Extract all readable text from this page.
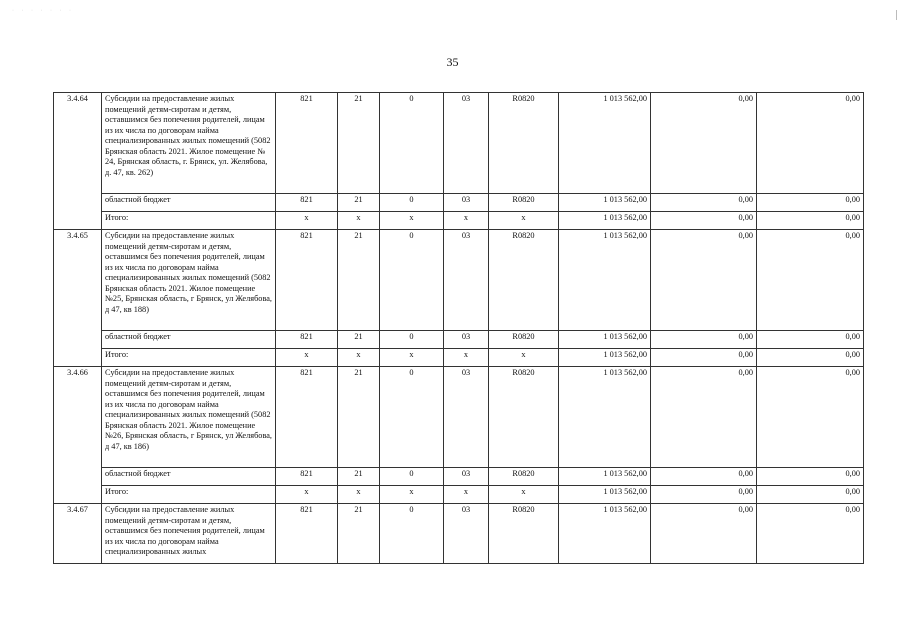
· · · · · · ·
35
3.4.64	Субсидии на предоставление жилых помещений детям-сиротам и детям, оставшимся без попечения родителей, лицам из их числа по договорам найма специализированных жилых помещений (5082 Брянская область 2021. Жилое помещение № 24, Брянская область, г. Брянск, ул. Желябова, д. 47, кв. 262)	821	21	0	03	R0820	1 013 562,00	0,00	0,00
	областной бюджет	821	21	0	03	R0820	1 013 562,00	0,00	0,00
	Итого:	x	x	x	x	x	1 013 562,00	0,00	0,00
3.4.65	Субсидии на предоставление жилых помещений детям-сиротам и детям, оставшимся без попечения родителей, лицам из их числа по договорам найма специализированных жилых помещений (5082 Брянская область 2021. Жилое помещение №25, Брянская область, г Брянск, ул Желябова, д 47, кв 188)	821	21	0	03	R0820	1 013 562,00	0,00	0,00
	областной бюджет	821	21	0	03	R0820	1 013 562,00	0,00	0,00
	Итого:	x	x	x	x	x	1 013 562,00	0,00	0,00
3.4.66	Субсидии на предоставление жилых помещений детям-сиротам и детям, оставшимся без попечения родителей, лицам из их числа по договорам найма специализированных жилых помещений (5082 Брянская область 2021. Жилое помещение №26, Брянская область, г Брянск, ул Желябова, д 47, кв 186)	821	21	0	03	R0820	1 013 562,00	0,00	0,00
	областной бюджет	821	21	0	03	R0820	1 013 562,00	0,00	0,00
	Итого:	x	x	x	x	x	1 013 562,00	0,00	0,00
3.4.67	Субсидии на предоставление жилых помещений детям-сиротам и детям, оставшимся без попечения родителей, лицам из их числа по договорам найма специализированных жилых	821	21	0	03	R0820	1 013 562,00	0,00	0,00
